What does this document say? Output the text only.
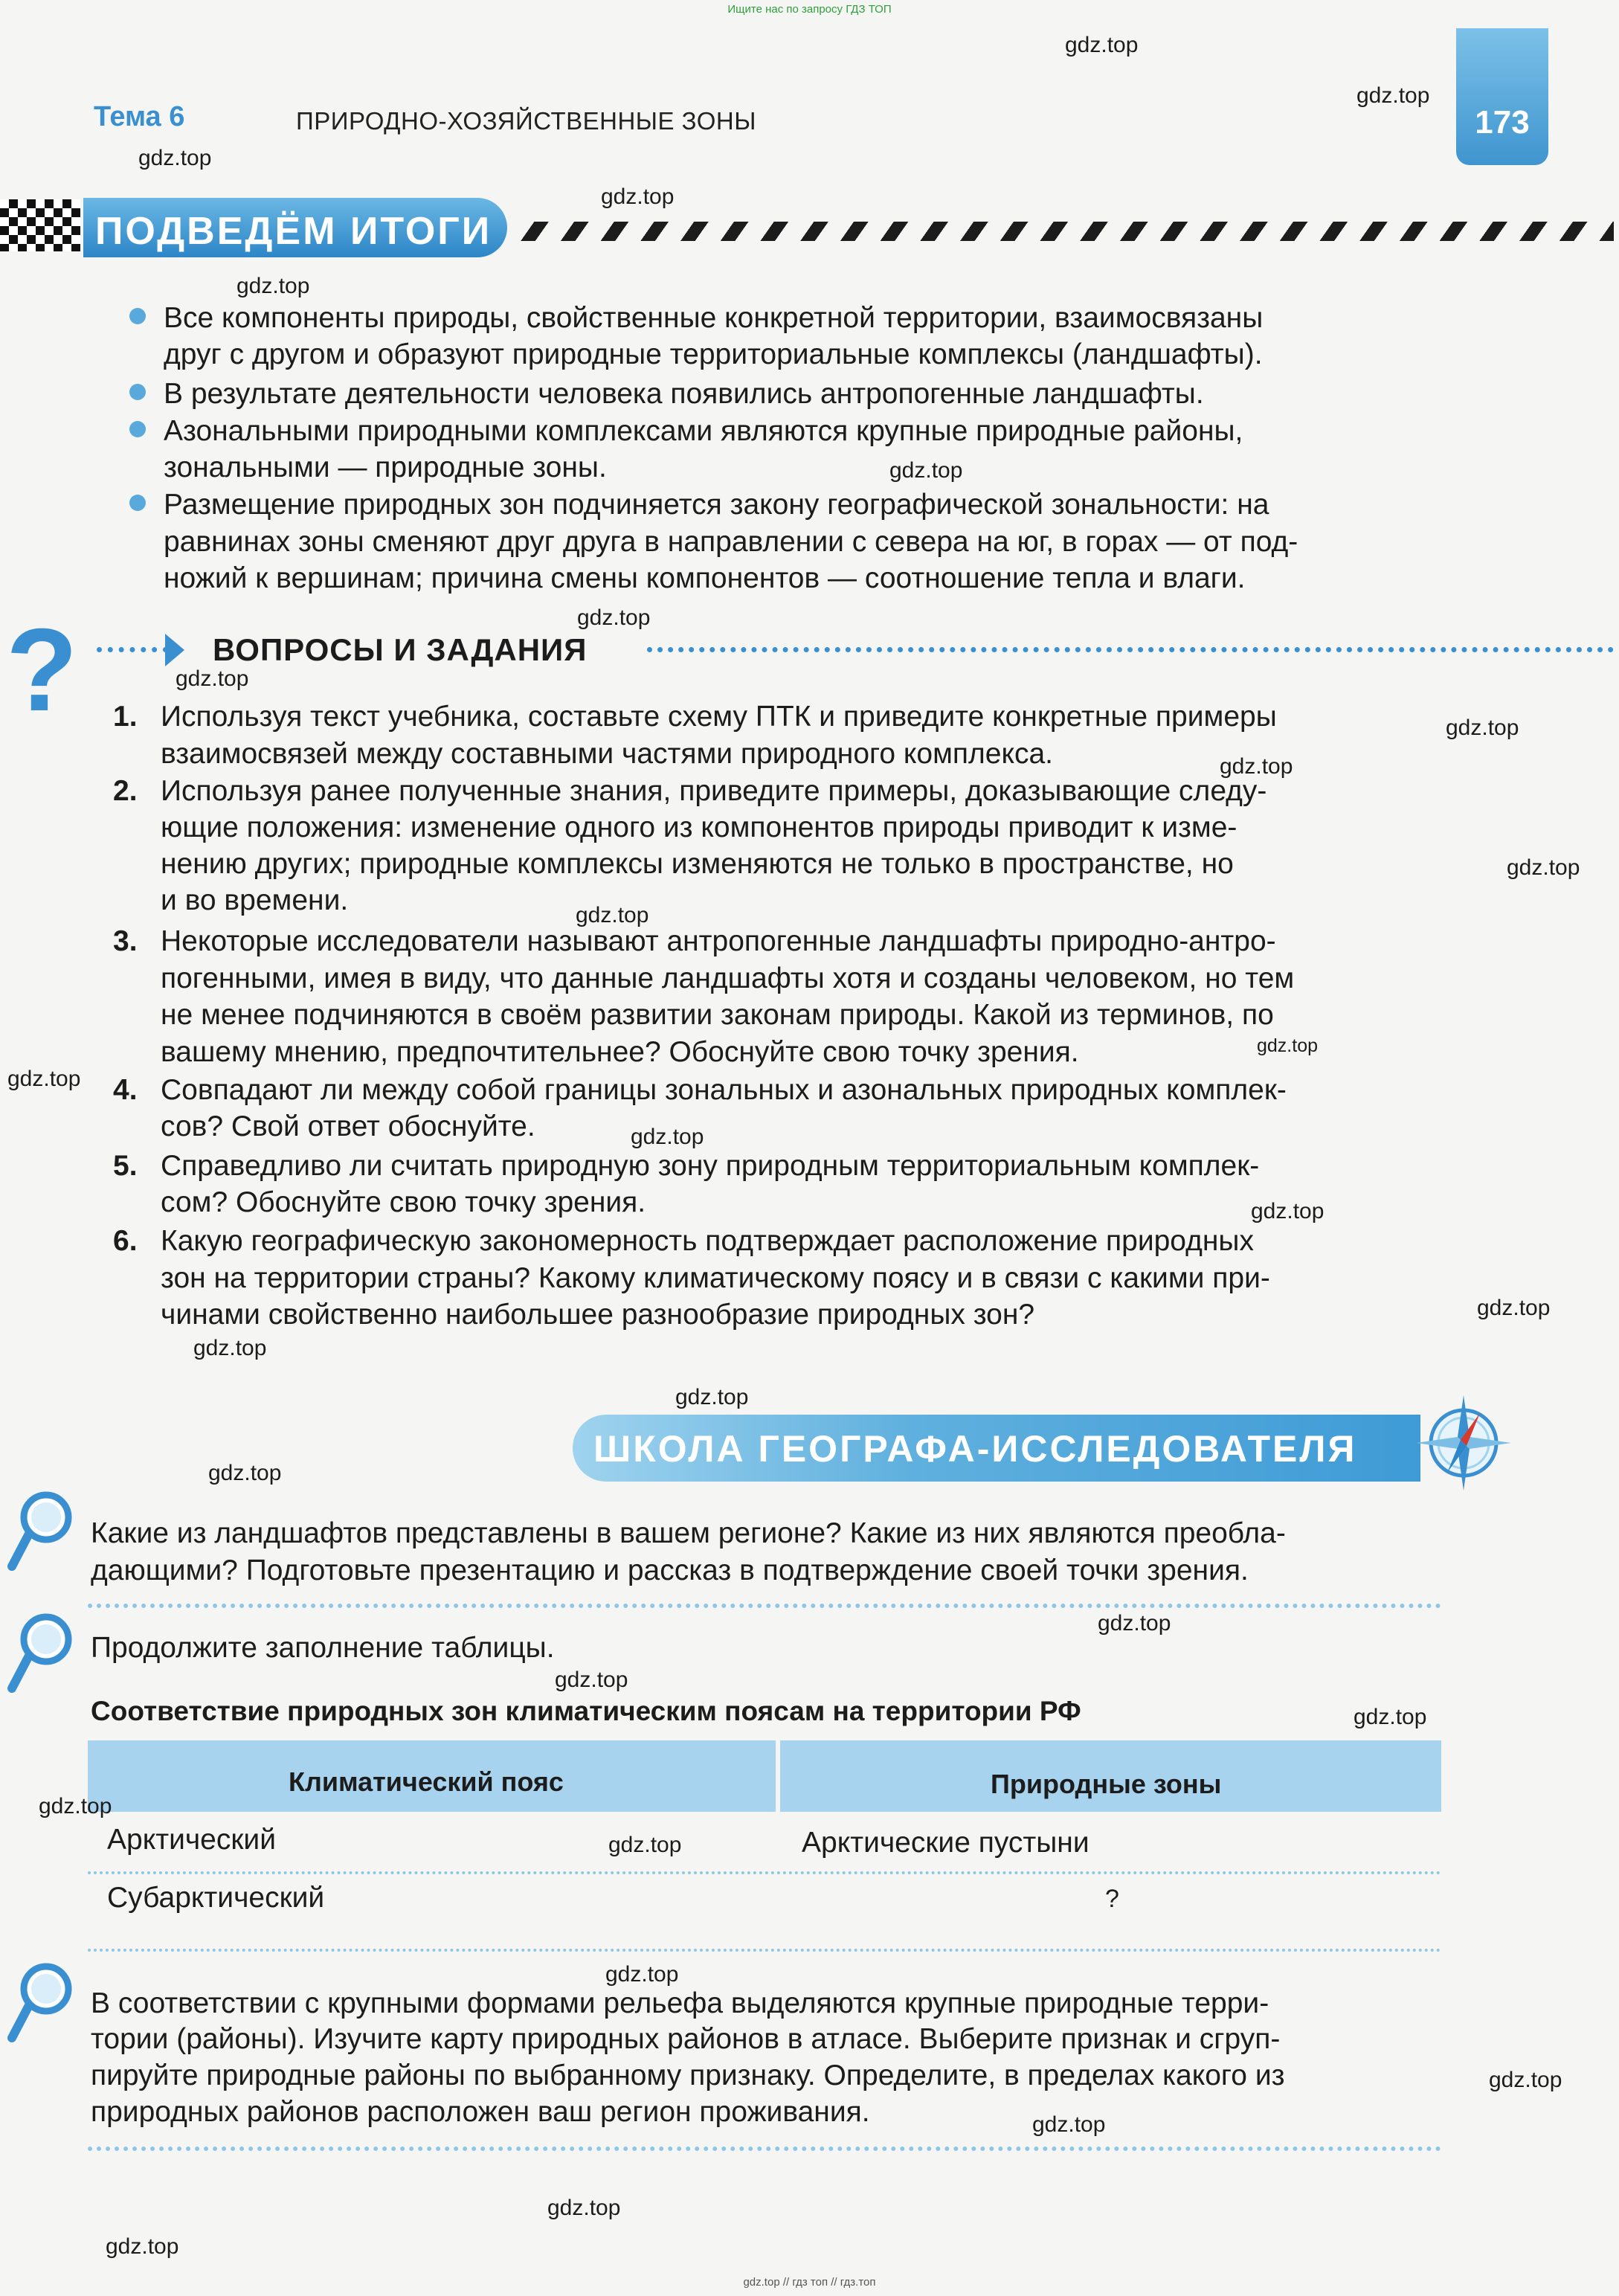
Ищите нас по запросу ГДЗ ТОП
173
Тема 6	ПРИРОДНО-ХОЗЯЙСТВЕННЫЕ ЗОНЫ
ПОДВЕДЁМ ИТОГИ
Все компоненты природы, свойственные конкретной территории, взаимосвязаны
друг с другом и образуют природные территориальные комплексы (ландшафты).
В результате деятельности человека появились антропогенные ландшафты.
Азональными природными комплексами являются крупные природные районы,
зональными — природные зоны.
Размещение природных зон подчиняется закону географической зональности: на
равнинах зоны сменяют друг друга в направлении с севера на юг, в горах — от под-
ножий к вершинам; причина смены компонентов — соотношение тепла и влаги.
?	ВОПРОСЫ И ЗАДАНИЯ
1. Используя текст учебника, составьте схему ПТК и приведите конкретные примеры
взаимосвязей между составными частями природного комплекса.
2. Используя ранее полученные знания, приведите примеры, доказывающие следу-
ющие положения: изменение одного из компонентов природы приводит к изме-
нению других; природные комплексы изменяются не только в пространстве, но
и во времени.
3. Некоторые исследователи называют антропогенные ландшафты природно-антро-
погенными, имея в виду, что данные ландшафты хотя и созданы человеком, но тем
не менее подчиняются в своём развитии законам природы. Какой из терминов, по
вашему мнению, предпочтительнее? Обоснуйте свою точку зрения.
4. Совпадают ли между собой границы зональных и азональных природных комплек-
сов? Свой ответ обоснуйте.
5. Справедливо ли считать природную зону природным территориальным комплек-
сом? Обоснуйте свою точку зрения.
6. Какую географическую закономерность подтверждает расположение природных
зон на территории страны? Какому климатическому поясу и в связи с какими при-
чинами свойственно наибольшее разнообразие природных зон?
ШКОЛА ГЕОГРАФА-ИССЛЕДОВАТЕЛЯ
Какие из ландшафтов представлены в вашем регионе? Какие из них являются преобла-
дающими? Подготовьте презентацию и рассказ в подтверждение своей точки зрения.
Продолжите заполнение таблицы.
Соответствие природных зон климатическим поясам на территории РФ
Климатический пояс	Природные зоны
Арктический	Арктические пустыни
Субарктический	?
В соответствии с крупными формами рельефа выделяются крупные природные терри-
тории (районы). Изучите карту природных районов в атласе. Выберите признак и сгруп-
пируйте природные районы по выбранному признаку. Определите, в пределах какого из
природных районов расположен ваш регион проживания.
gdz.top
gdz.top
gdz.top
gdz.top
gdz.top
gdz.top
gdz.top
gdz.top
gdz.top
gdz.top
gdz.top
gdz.top
gdz.top
gdz.top
gdz.top
gdz.top
gdz.top
gdz.top
gdz.top
gdz.top
gdz.top
gdz.top
gdz.top
gdz.top
gdz.top
gdz.top
gdz.top
gdz.top
gdz.top
gdz.top
gdz.top // гдз топ // гдз.топ
